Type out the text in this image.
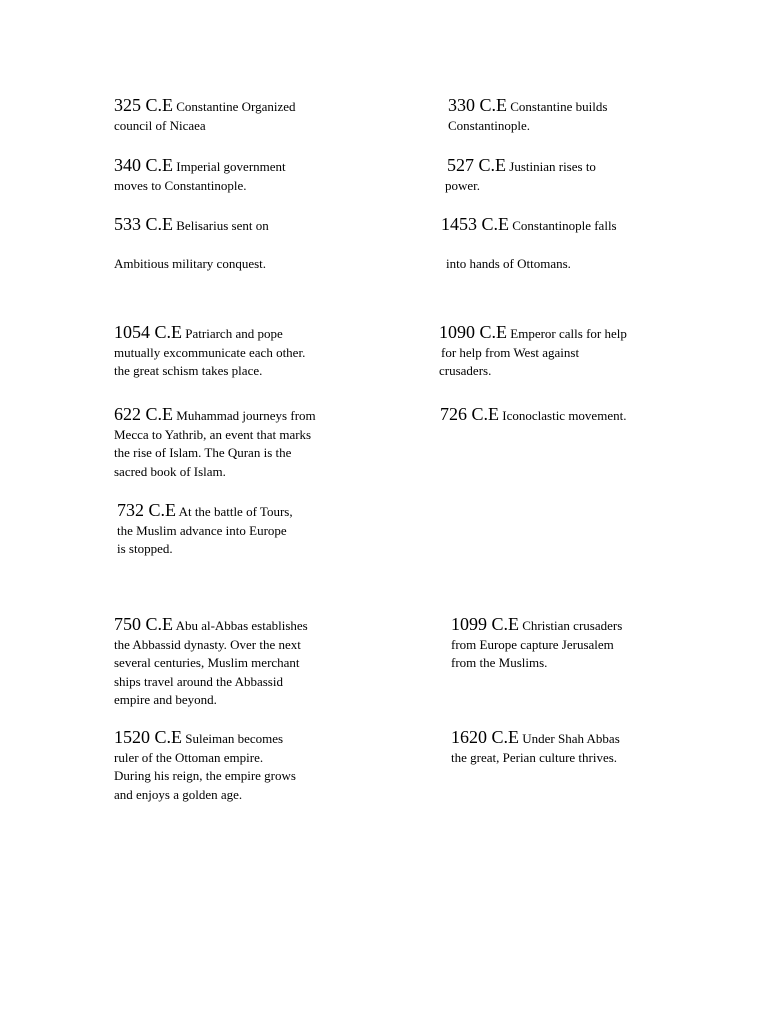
325 C.E Constantine Organized
council of Nicaea
330 C.E Constantine builds
Constantinople.
340 C.E Imperial government
moves to Constantinople.
527 C.E Justinian rises to
power.
533 C.E Belisarius sent on
Ambitious military conquest.
1453 C.E Constantinople falls
into hands of Ottomans.
1054 C.E Patriarch and pope
mutually excommunicate each other.
the great schism takes place.
1090 C.E Emperor calls for help
for help from West against
crusaders.
622 C.E Muhammad journeys from
Mecca to Yathrib, an event that marks
the rise of Islam. The Quran is the
sacred book of Islam.
726 C.E Iconoclastic movement.
732 C.E At the battle of Tours,
the Muslim advance into Europe
is stopped.
750 C.E Abu al-Abbas establishes
the Abbassid dynasty. Over the next
several centuries, Muslim merchant
ships travel around the Abbassid
empire and beyond.
1099 C.E Christian crusaders
from Europe capture Jerusalem
from the Muslims.
1520 C.E Suleiman becomes
ruler of the Ottoman empire.
During his reign, the empire grows
and enjoys a golden age.
1620 C.E Under Shah Abbas
the great, Perian culture thrives.
